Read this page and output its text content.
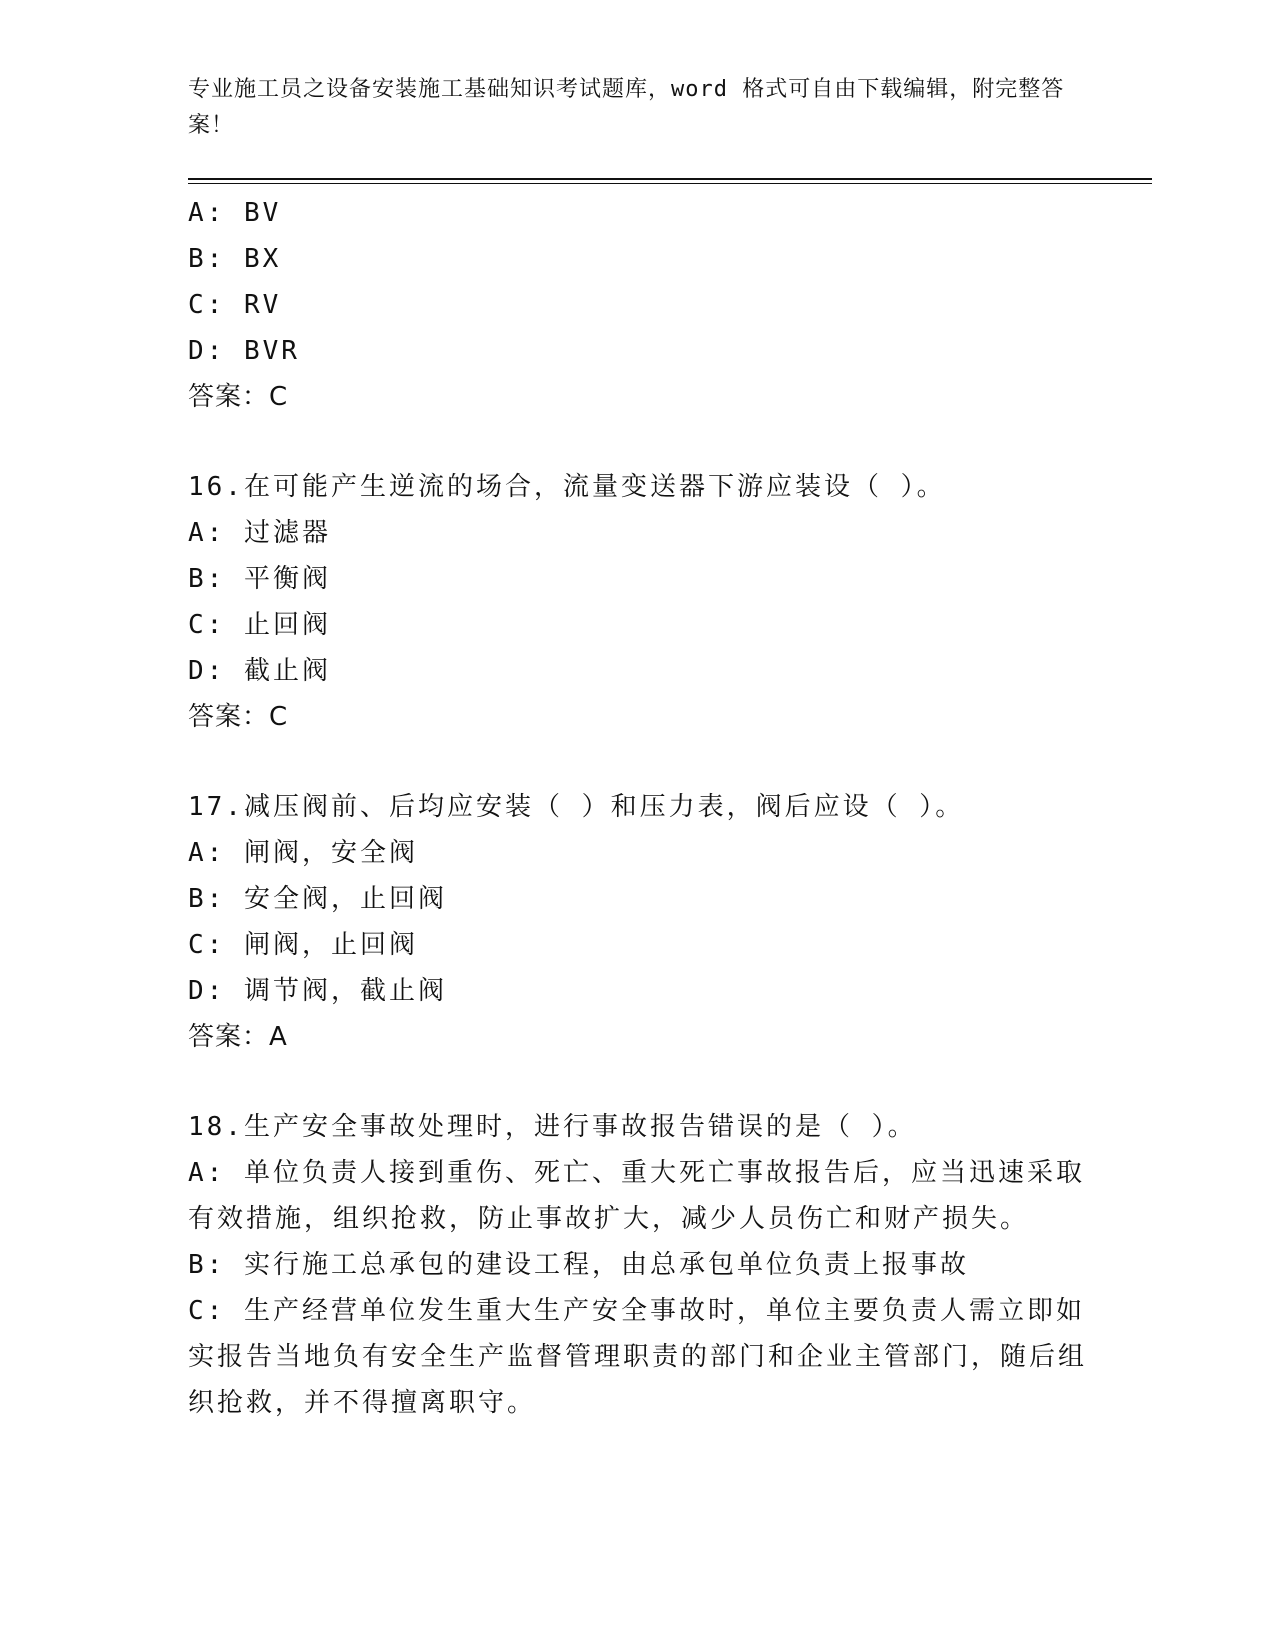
专业施工员之设备安装施工基础知识考试题库，word 格式可自由下载编辑，附完整答案！
A: BV
B: BX
C: RV
D: BVR
答案：C
16.在可能产生逆流的场合，流量变送器下游应装设（ ）。
A: 过滤器
B: 平衡阀
C: 止回阀
D: 截止阀
答案：C
17.减压阀前、后均应安装（ ）和压力表，阀后应设（ ）。
A: 闸阀，安全阀
B: 安全阀，止回阀
C: 闸阀，止回阀
D: 调节阀，截止阀
答案：A
18.生产安全事故处理时，进行事故报告错误的是（ ）。
A: 单位负责人接到重伤、死亡、重大死亡事故报告后，应当迅速采取有效措施，组织抢救，防止事故扩大，减少人员伤亡和财产损失。
B: 实行施工总承包的建设工程，由总承包单位负责上报事故
C: 生产经营单位发生重大生产安全事故时，单位主要负责人需立即如实报告当地负有安全生产监督管理职责的部门和企业主管部门，随后组织抢救，并不得擅离职守。
